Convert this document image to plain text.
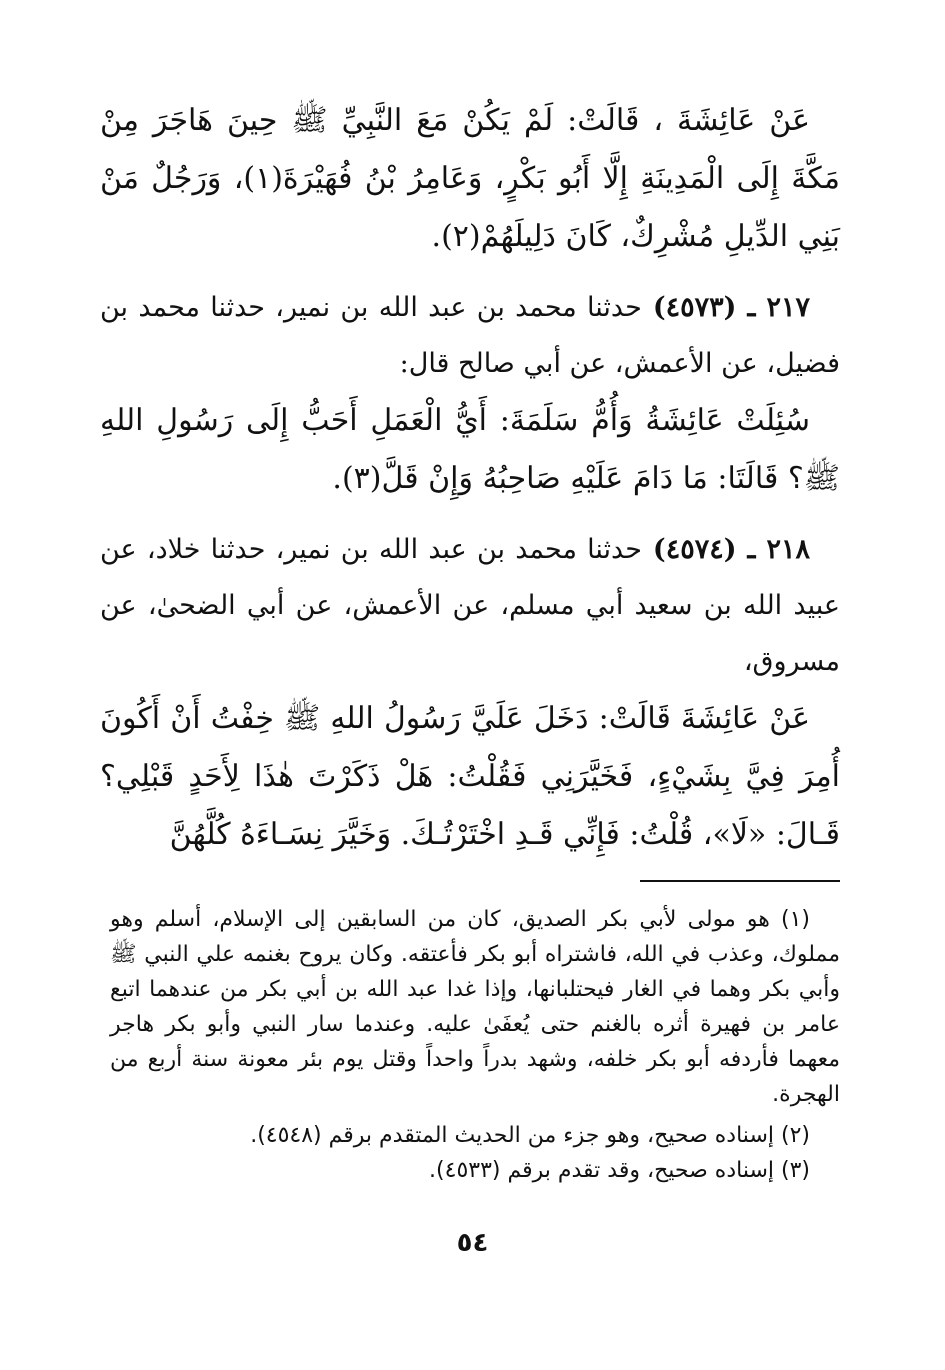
عَنْ عَائِشَةَ ، قَالَتْ: لَمْ يَكُنْ مَعَ النَّبِيِّ ﷺ حِينَ هَاجَرَ مِنْ مَكَّةَ إِلَى الْمَدِينَةِ إِلَّا أَبُو بَكْرٍ، وَعَامِرُ بْنُ فُهَيْرَةَ(١)، وَرَجُلٌ مَنْ بَنِي الدِّيلِ مُشْرِكٌ، كَانَ دَلِيلَهُمْ(٢).

٢١٧ ـ (٤٥٧٣) حدثنا محمد بن عبد الله بن نمير، حدثنا محمد بن فضيل، عن الأعمش، عن أبي صالح قال:

سُئِلَتْ عَائِشَةُ وَأُمُّ سَلَمَةَ: أَيُّ الْعَمَلِ أَحَبُّ إِلَى رَسُولِ اللهِ ﷺ؟ قَالَتَا: مَا دَامَ عَلَيْهِ صَاحِبُهُ وَإِنْ قَلَّ(٣).

٢١٨ ـ (٤٥٧٤) حدثنا محمد بن عبد الله بن نمير، حدثنا خلاد، عن عبيد الله بن سعيد أبي مسلم، عن الأعمش، عن أبي الضحىٰ، عن مسروق،

عَنْ عَائِشَةَ قَالَتْ: دَخَلَ عَلَيَّ رَسُولُ اللهِ ﷺ خِفْتُ أَنْ أَكُونَ أُمِرَ فِيَّ بِشَيْءٍ، فَخَيَّرَنِي فَقُلْتُ: هَلْ ذَكَرْتَ هٰذَا لِأَحَدٍ قَبْلِي؟ قَـالَ: «لَا»، قُلْتُ: فَإِنِّي قَـدِ اخْتَرْتُـكَ. وَخَيَّرَ نِسَـاءَهُ كُلَّهُنَّ

(١) هو مولى لأبي بكر الصديق، كان من السابقين إلى الإسلام، أسلم وهو مملوك، وعذب في الله، فاشتراه أبو بكر فأعتقه. وكان يروح بغنمه علي النبي ﷺ وأبي بكر وهما في الغار فيحتلبانها، وإذا غدا عبد الله بن أبي بكر من عندهما اتبع عامر بن فهيرة أثره بالغنم حتى يُعفَىٰ عليه. وعندما سار النبي وأبو بكر هاجر معهما فأردفه أبو بكر خلفه، وشهد بدراً واحداً وقتل يوم بئر معونة سنة أربع من الهجرة.

(٢) إسناده صحيح، وهو جزء من الحديث المتقدم برقم (٤٥٤٨).

(٣) إسناده صحيح، وقد تقدم برقم (٤٥٣٣).

٥٤
